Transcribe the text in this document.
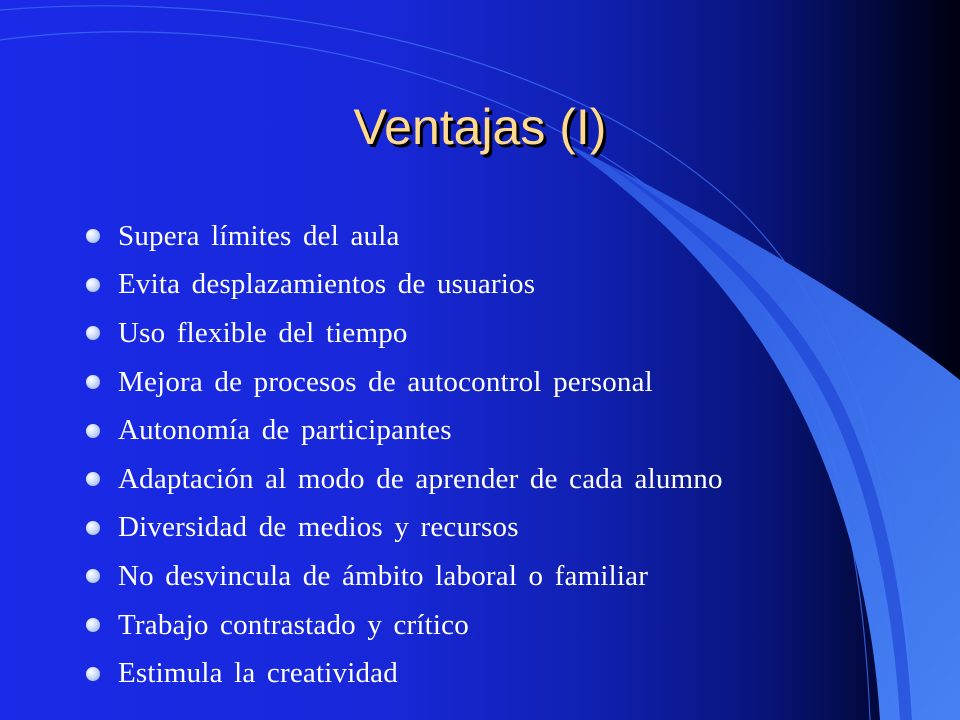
Ventajas (I)
Supera límites del aula
Evita desplazamientos de usuarios
Uso flexible del tiempo
Mejora de procesos de autocontrol personal
Autonomía de participantes
Adaptación al modo de aprender de cada alumno
Diversidad de medios y recursos
No desvincula de ámbito laboral o familiar
Trabajo contrastado y crítico
Estimula la creatividad
